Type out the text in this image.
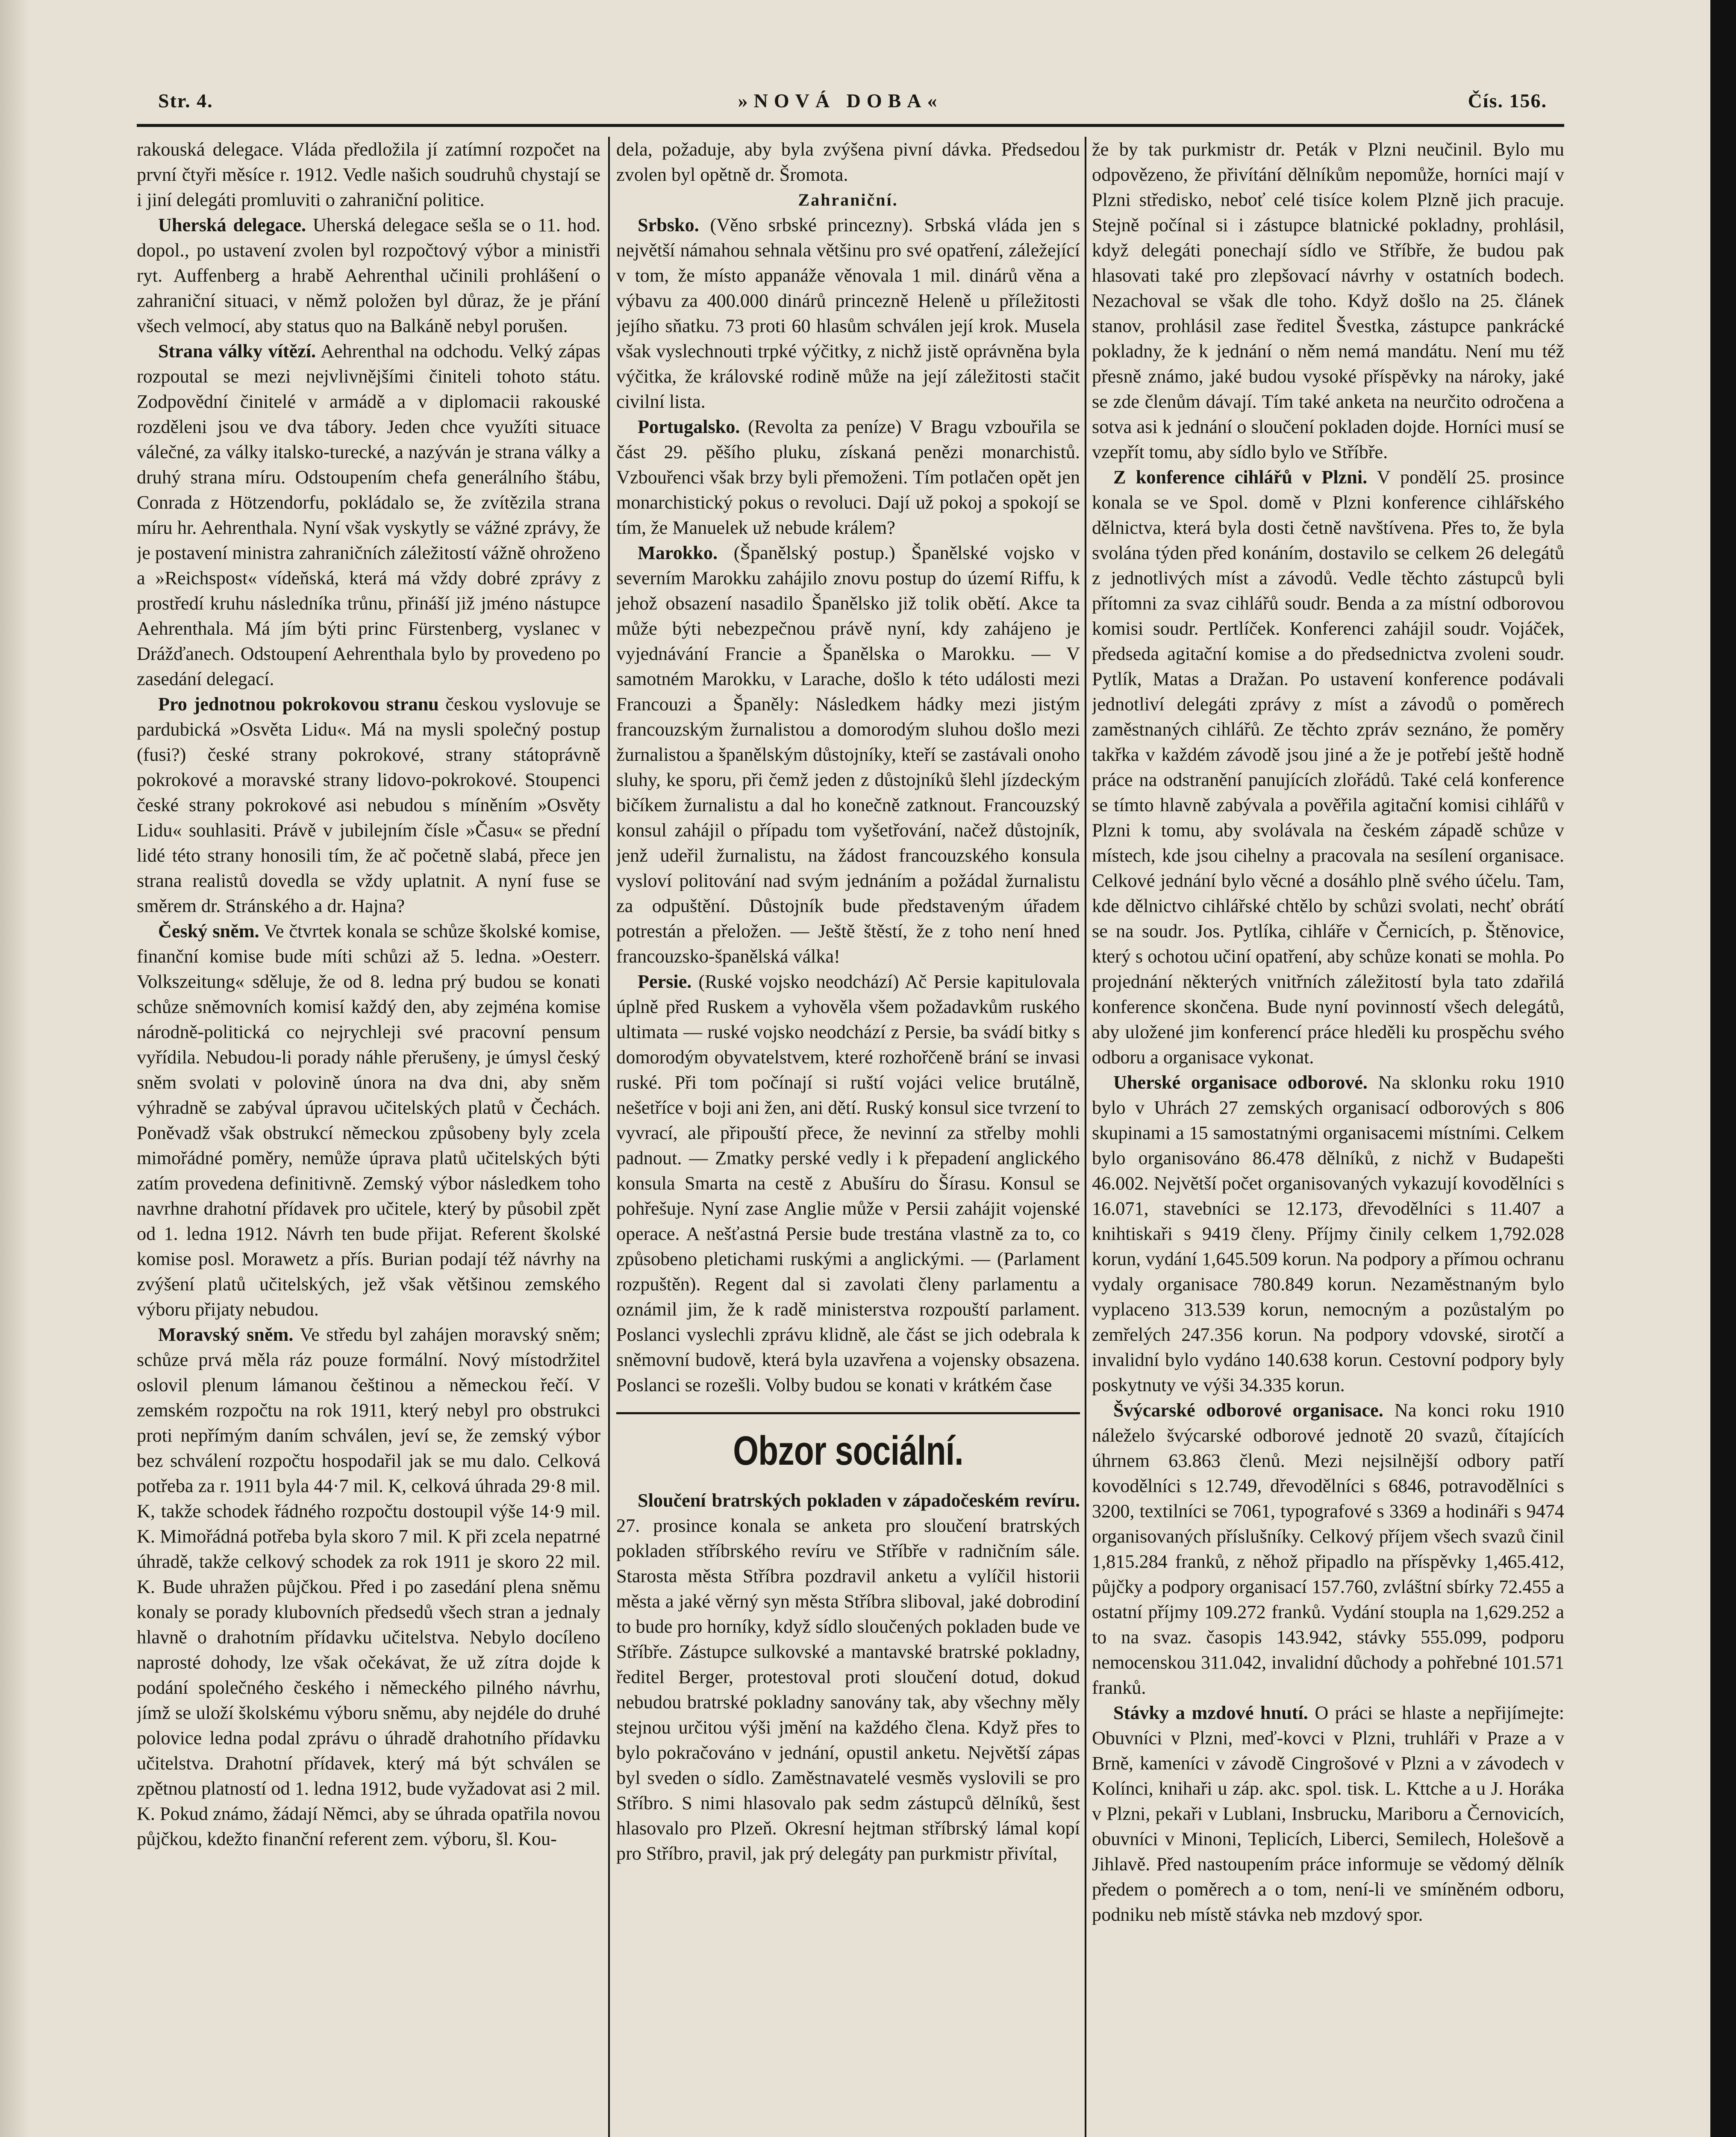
Str. 4.	»NOVÁ DOBA«	Čís. 156.

rakouská delegace. Vláda předložila jí zatímní rozpočet na první čtyři měsíce r. 1912. Vedle našich soudruhů chystají se i jiní delegáti promluviti o zahraniční politice.

Uherská delegace. Uherská delegace sešla se o 11. hod. dopol., po ustavení zvolen byl rozpočtový výbor a ministři ryt. Auffenberg a hrabě Aehrenthal učinili prohlášení o zahraniční situaci, v němž položen byl důraz, že je přání všech velmocí, aby status quo na Balkáně nebyl porušen.

Strana války vítězí. Aehrenthal na odchodu. Velký zápas rozpoutal se mezi nejvlivnějšími činiteli tohoto státu. Zodpovědní činitelé v armádě a v diplomacii rakouské rozděleni jsou ve dva tábory. Jeden chce využíti situace válečné, za války italsko-turecké, a nazýván je strana války a druhý strana míru. Odstoupením chefa generálního štábu, Conrada z Hötzendorfu, pokládalo se, že zvítězila strana míru hr. Aehrenthala. Nyní však vyskytly se vážné zprávy, že je postavení ministra zahraničních záležitostí vážně ohroženo a »Reichspost« vídeňská, která má vždy dobré zprávy z prostředí kruhu následníka trůnu, přináší již jméno nástupce Aehrenthala. Má jím býti princ Fürstenberg, vyslanec v Drážďanech. Odstoupení Aehrenthala bylo by provedeno po zasedání delegací.

Pro jednotnou pokrokovou stranu českou vyslovuje se pardubická »Osvěta Lidu«. Má na mysli společný postup (fusi?) české strany pokrokové, strany státoprávně pokrokové a moravské strany lidovo-pokrokové. Stoupenci české strany pokrokové asi nebudou s míněním »Osvěty Lidu« souhlasiti. Právě v jubilejním čísle »Času« se přední lidé této strany honosili tím, že ač početně slabá, přece jen strana realistů dovedla se vždy uplatnit. A nyní fuse se směrem dr. Stránského a dr. Hajna?

Český sněm. Ve čtvrtek konala se schůze školské komise, finanční komise bude míti schůzi až 5. ledna. »Oesterr. Volkszeitung« sděluje, že od 8. ledna prý budou se konati schůze sněmovních komisí každý den, aby zejména komise národně-politická co nejrychleji své pracovní pensum vyřídila. Nebudou-li porady náhle přerušeny, je úmysl český sněm svolati v polovině února na dva dni, aby sněm výhradně se zabýval úpravou učitelských platů v Čechách. Poněvadž však obstrukcí německou způsobeny byly zcela mimořádné poměry, nemůže úprava platů učitelských býti zatím provedena definitivně. Zemský výbor následkem toho navrhne drahotní přídavek pro učitele, který by působil zpět od 1. ledna 1912. Návrh ten bude přijat. Referent školské komise posl. Morawetz a přís. Burian podají též návrhy na zvýšení platů učitelských, jež však většinou zemského výboru přijaty nebudou.

Moravský sněm. Ve středu byl zahájen moravský sněm; schůze prvá měla ráz pouze formální. Nový místodržitel oslovil plenum lámanou češtinou a německou řečí. V zemském rozpočtu na rok 1911, který nebyl pro obstrukci proti nepřímým daním schválen, jeví se, že zemský výbor bez schválení rozpočtu hospodařil jak se mu dalo. Celková potřeba za r. 1911 byla 44·7 mil. K, celková úhrada 29·8 mil. K, takže schodek řádného rozpočtu dostoupil výše 14·9 mil. K. Mimořádná potřeba byla skoro 7 mil. K při zcela nepatrné úhradě, takže celkový schodek za rok 1911 je skoro 22 mil. K. Bude uhražen půjčkou. Před i po zasedání plena sněmu konaly se porady klubovních předsedů všech stran a jednaly hlavně o drahotním přídavku učitelstva. Nebylo docíleno naprosté dohody, lze však očekávat, že už zítra dojde k podání společného českého i německého pilného návrhu, jímž se uloží školskému výboru sněmu, aby nejdéle do druhé polovice ledna podal zprávu o úhradě drahotního přídavku učitelstva. Drahotní přídavek, který má být schválen se zpětnou platností od 1. ledna 1912, bude vyžadovat asi 2 mil. K. Pokud známo, žádají Němci, aby se úhrada opatřila novou půjčkou, kdežto finanční referent zem. výboru, šl. Kou-

dela, požaduje, aby byla zvýšena pivní dávka. Předsedou zvolen byl opětně dr. Šromota.

Zahraniční.

Srbsko. (Věno srbské princezny). Srbská vláda jen s největší námahou sehnala většinu pro své opatření, záležející v tom, že místo appanáže věnovala 1 mil. dinárů věna a výbavu za 400.000 dinárů princezně Heleně u příležitosti jejího sňatku. 73 proti 60 hlasům schválen její krok. Musela však vyslechnouti trpké výčitky, z nichž jistě oprávněna byla výčitka, že královské rodině může na její záležitosti stačit civilní lista.

Portugalsko. (Revolta za peníze) V Bragu vzbouřila se část 29. pěšího pluku, získaná penězi monarchistů. Vzbouřenci však brzy byli přemoženi. Tím potlačen opět jen monarchistický pokus o revoluci. Dají už pokoj a spokojí se tím, že Manuelek už nebude králem?

Marokko. (Španělský postup.) Španělské vojsko v severním Marokku zahájilo znovu postup do území Riffu, k jehož obsazení nasadilo Španělsko již tolik obětí. Akce ta může býti nebezpečnou právě nyní, kdy zahájeno je vyjednávání Francie a Španělska o Marokku. — V samotném Marokku, v Larache, došlo k této události mezi Francouzi a Španěly: Následkem hádky mezi jistým francouzským žurnalistou a domorodým sluhou došlo mezi žurnalistou a španělským důstojníky, kteří se zastávali onoho sluhy, ke sporu, při čemž jeden z důstojníků šlehl jízdeckým bičíkem žurnalistu a dal ho konečně zatknout. Francouzský konsul zahájil o případu tom vyšetřování, načež důstojník, jenž udeřil žurnalistu, na žádost francouzského konsula vysloví politování nad svým jednáním a požádal žurnalistu za odpuštění. Důstojník bude představeným úřadem potrestán a přeložen. — Ještě štěstí, že z toho není hned francouzsko-španělská válka!

Persie. (Ruské vojsko neodchází) Ač Persie kapitulovala úplně před Ruskem a vyhověla všem požadavkům ruského ultimata — ruské vojsko neodchází z Persie, ba svádí bitky s domorodým obyvatelstvem, které rozhořčeně brání se invasi ruské. Při tom počínají si ruští vojáci velice brutálně, nešetříce v boji ani žen, ani dětí. Ruský konsul sice tvrzení to vyvrací, ale připouští přece, že nevinní za střelby mohli padnout. — Zmatky perské vedly i k přepadení anglického konsula Smarta na cestě z Abušíru do Šírasu. Konsul se pohřešuje. Nyní zase Anglie může v Persii zahájit vojenské operace. A nešťastná Persie bude trestána vlastně za to, co způsobeno pletichami ruskými a anglickými. — (Parlament rozpuštěn). Regent dal si zavolati členy parlamentu a oznámil jim, že k radě ministerstva rozpouští parlament. Poslanci vyslechli zprávu klidně, ale část se jich odebrala k sněmovní budově, která byla uzavřena a vojensky obsazena. Poslanci se rozešli. Volby budou se konati v krátkém čase

Obzor sociální.

Sloučení bratrských pokladen v západočeském revíru. 27. prosince konala se anketa pro sloučení bratrských pokladen stříbrského revíru ve Stříbře v radničním sále. Starosta města Stříbra pozdravil anketu a vylíčil historii města a jaké věrný syn města Stříbra sliboval, jaké dobrodiní to bude pro horníky, když sídlo sloučených pokladen bude ve Stříbře. Zástupce sulkovské a mantavské bratrské pokladny, ředitel Berger, protestoval proti sloučení dotud, dokud nebudou bratrské pokladny sanovány tak, aby všechny měly stejnou určitou výši jmění na každého člena. Když přes to bylo pokračováno v jednání, opustil anketu. Největší zápas byl sveden o sídlo. Zaměstnavatelé vesměs vyslovili se pro Stříbro. S nimi hlasovalo pak sedm zástupců dělníků, šest hlasovalo pro Plzeň. Okresní hejtman stříbrský lámal kopí pro Stříbro, pravil, jak prý delegáty pan purkmistr přivítal,

že by tak purkmistr dr. Peták v Plzni neučinil. Bylo mu odpovězeno, že přivítání dělníkům nepomůže, horníci mají v Plzni středisko, neboť celé tisíce kolem Plzně jich pracuje. Stejně počínal si i zástupce blatnické pokladny, prohlásil, když delegáti ponechají sídlo ve Stříbře, že budou pak hlasovati také pro zlepšovací návrhy v ostatních bodech. Nezachoval se však dle toho. Když došlo na 25. článek stanov, prohlásil zase ředitel Švestka, zástupce pankrácké pokladny, že k jednání o něm nemá mandátu. Není mu též přesně známo, jaké budou vysoké příspěvky na nároky, jaké se zde členům dávají. Tím také anketa na neurčito odročena a sotva asi k jednání o sloučení pokladen dojde. Horníci musí se vzepřít tomu, aby sídlo bylo ve Stříbře.

Z konference cihlářů v Plzni. V pondělí 25. prosince konala se ve Spol. domě v Plzni konference cihlářského dělnictva, která byla dosti četně navštívena. Přes to, že byla svolána týden před konáním, dostavilo se celkem 26 delegátů z jednotlivých míst a závodů. Vedle těchto zástupců byli přítomni za svaz cihlářů soudr. Benda a za místní odborovou komisi soudr. Pertlíček. Konferenci zahájil soudr. Vojáček, předseda agitační komise a do předsednictva zvoleni soudr. Pytlík, Matas a Dražan. Po ustavení konference podávali jednotliví delegáti zprávy z míst a závodů o poměrech zaměstnaných cihlářů. Ze těchto zpráv seznáno, že poměry takřka v každém závodě jsou jiné a že je potřebí ještě hodně práce na odstranění panujících zlořádů. Také celá konference se tímto hlavně zabývala a pověřila agitační komisi cihlářů v Plzni k tomu, aby svolávala na českém západě schůze v místech, kde jsou cihelny a pracovala na sesílení organisace. Celkové jednání bylo věcné a dosáhlo plně svého účelu. Tam, kde dělnictvo cihlářské chtělo by schůzi svolati, nechť obrátí se na soudr. Jos. Pytlíka, cihláře v Černicích, p. Štěnovice, který s ochotou učiní opatření, aby schůze konati se mohla. Po projednání některých vnitřních záležitostí byla tato zdařilá konference skončena. Bude nyní povinností všech delegátů, aby uložené jim konferencí práce hleděli ku prospěchu svého odboru a organisace vykonat.

Uherské organisace odborové. Na sklonku roku 1910 bylo v Uhrách 27 zemských organisací odborových s 806 skupinami a 15 samostatnými organisacemi místními. Celkem bylo organisováno 86.478 dělníků, z nichž v Budapešti 46.002. Největší počet organisovaných vykazují kovodělníci s 16.071, stavebníci se 12.173, dřevodělníci s 11.407 a knihtiskaři s 9419 členy. Příjmy činily celkem 1,792.028 korun, vydání 1,645.509 korun. Na podpory a přímou ochranu vydaly organisace 780.849 korun. Nezaměstnaným bylo vyplaceno 313.539 korun, nemocným a pozůstalým po zemřelých 247.356 korun. Na podpory vdovské, sirotčí a invalidní bylo vydáno 140.638 korun. Cestovní podpory byly poskytnuty ve výši 34.335 korun.

Švýcarské odborové organisace. Na konci roku 1910 náleželo švýcarské odborové jednotě 20 svazů, čítajících úhrnem 63.863 členů. Mezi nejsilnější odbory patří kovodělníci s 12.749, dřevodělníci s 6846, potravodělníci s 3200, textilníci se 7061, typografové s 3369 a hodináři s 9474 organisovaných příslušníky. Celkový příjem všech svazů činil 1,815.284 franků, z něhož připadlo na příspěvky 1,465.412, půjčky a podpory organisací 157.760, zvláštní sbírky 72.455 a ostatní příjmy 109.272 franků. Vydání stoupla na 1,629.252 a to na svaz. časopis 143.942, stávky 555.099, podporu nemocenskou 311.042, invalidní důchody a pohřebné 101.571 franků.

Stávky a mzdové hnutí. O práci se hlaste a nepřijímejte: Obuvníci v Plzni, meď-kovci v Plzni, truhláři v Praze a v Brně, kameníci v závodě Cingrošové v Plzni a v závodech v Kolínci, knihaři u záp. akc. spol. tisk. L. Kttche a u J. Horáka v Plzni, pekaři v Lublani, Insbrucku, Mariboru a Černovicích, obuvníci v Minoni, Teplicích, Liberci, Semilech, Holešově a Jihlavě. Před nastoupením práce informuje se vědomý dělník předem o poměrech a o tom, není-li ve smíněném odboru, podniku neb místě stávka neb mzdový spor.
